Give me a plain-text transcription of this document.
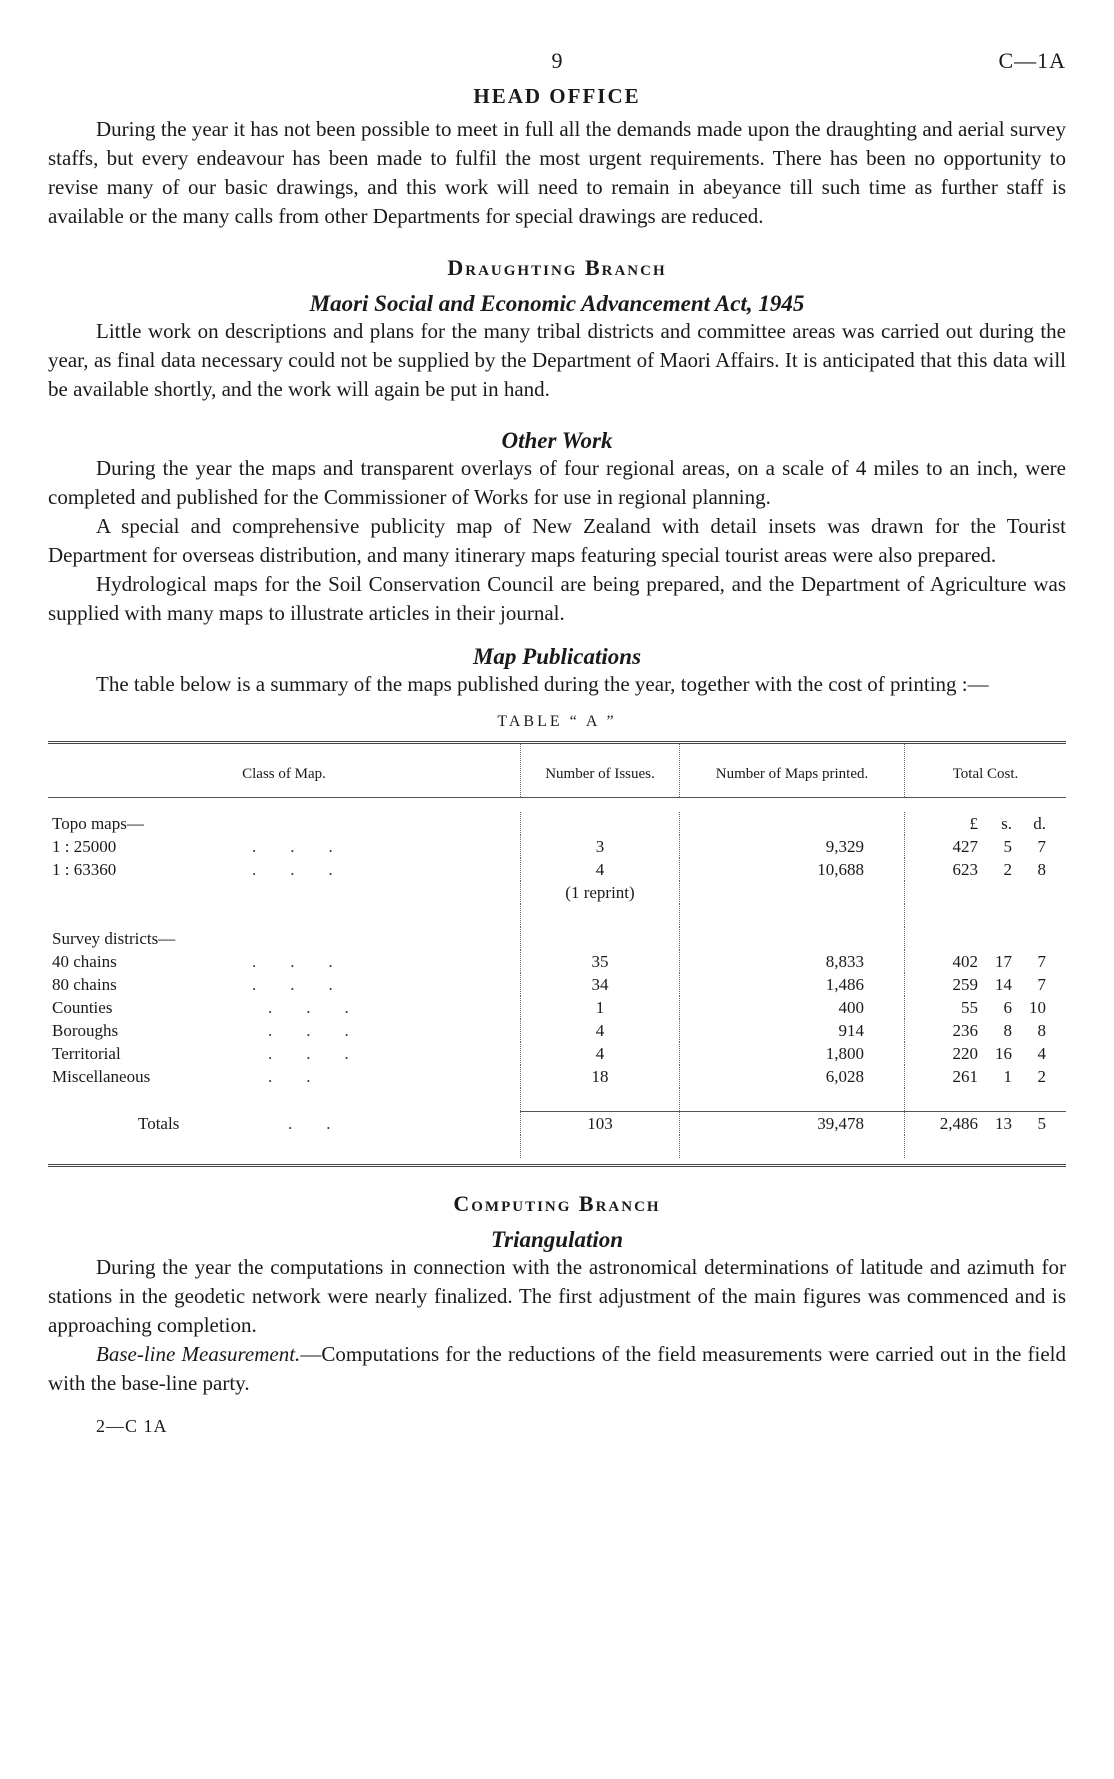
9	C—1A
HEAD OFFICE

During the year it has not been possible to meet in full all the demands made upon the draughting and aerial survey staffs, but every endeavour has been made to fulfil the most urgent requirements. There has been no opportunity to revise many of our basic drawings, and this work will need to remain in abeyance till such time as further staff is available or the many calls from other Departments for special drawings are reduced.

Draughting Branch
Maori Social and Economic Advancement Act, 1945

Little work on descriptions and plans for the many tribal districts and committee areas was carried out during the year, as final data necessary could not be supplied by the Department of Maori Affairs. It is anticipated that this data will be available shortly, and the work will again be put in hand.

Other Work

During the year the maps and transparent overlays of four regional areas, on a scale of 4 miles to an inch, were completed and published for the Commissioner of Works for use in regional planning.

A special and comprehensive publicity map of New Zealand with detail insets was drawn for the Tourist Department for overseas distribution, and many itinerary maps featuring special tourist areas were also prepared.

Hydrological maps for the Soil Conservation Council are being prepared, and the Department of Agriculture was supplied with many maps to illustrate articles in their journal.

Map Publications

The table below is a summary of the maps published during the year, together with the cost of printing :—

TABLE “ A ”
Class of Map.	Number of Issues.	Number of Maps printed.	Total Cost.

Topo maps—			£ s. d.
1 : 25000 ...	3	9,329	427 5 7
1 : 63360 ...	4	10,688	623 2 8
	(1 reprint)		

Survey districts—			
40 chains ...	35	8,833	402 17 7
80 chains ...	34	1,486	259 14 7
Counties ...	1	400	55 6 10
Boroughs ...	4	914	236 8 8
Territorial ...	4	1,800	220 16 4
Miscellaneous ..	18	6,028	261 1 2

Totals ..	103	39,478	2,486 13 5

Computing Branch
Triangulation

During the year the computations in connection with the astronomical determinations of latitude and azimuth for stations in the geodetic network were nearly finalized. The first adjustment of the main figures was commenced and is approaching completion.

Base-line Measurement.—Computations for the reductions of the field measurements were carried out in the field with the base-line party.

2—C 1A
